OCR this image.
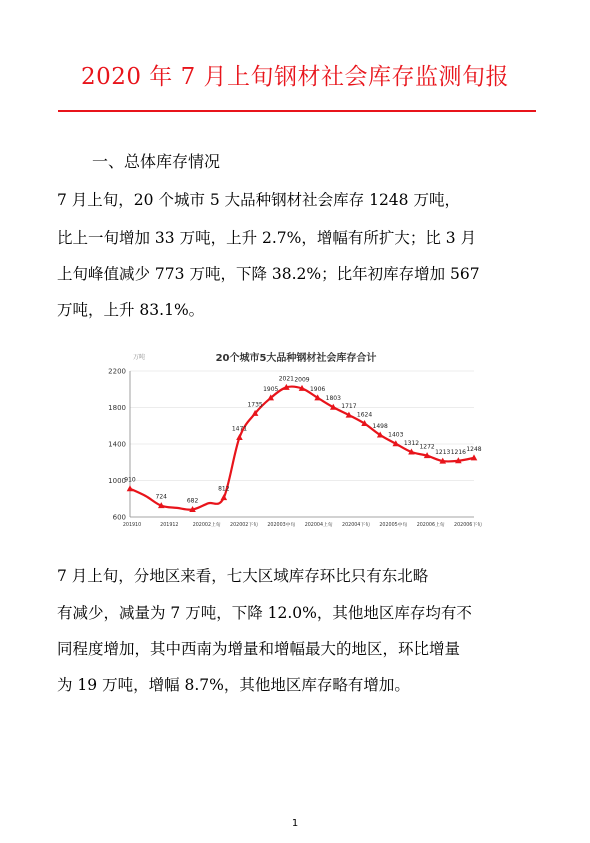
2020 年 7 月上旬钢材社会库存监测旬报
一、总体库存情况
7 月上旬，20 个城市 5 大品种钢材社会库存 1248 万吨，
比上一旬增加 33 万吨，上升 2.7%，增幅有所扩大；比 3 月
上旬峰值减少 773 万吨，下降 38.2%；比年初库存增加 567
万吨，上升 83.1%。
20个城市5大品种钢材社会库存合计
万吨
600
1000
1400
1800
2200
201910	201912	202002上旬 202002下旬 202003中旬 202004上旬 202004下旬 202005中旬 202006上旬 202006下旬
910
724
682
812
1471
1735
1905
2021 2009
1906
1803
1717
1624
1498
1403
1312
1272
1213 1216 1248
7 月上旬，分地区来看，七大区域库存环比只有东北略
有减少，减量为 7 万吨，下降 12.0%，其他地区库存均有不
同程度增加，其中西南为增量和增幅最大的地区，环比增量
为 19 万吨，增幅 8.7%，其他地区库存略有增加。
1
